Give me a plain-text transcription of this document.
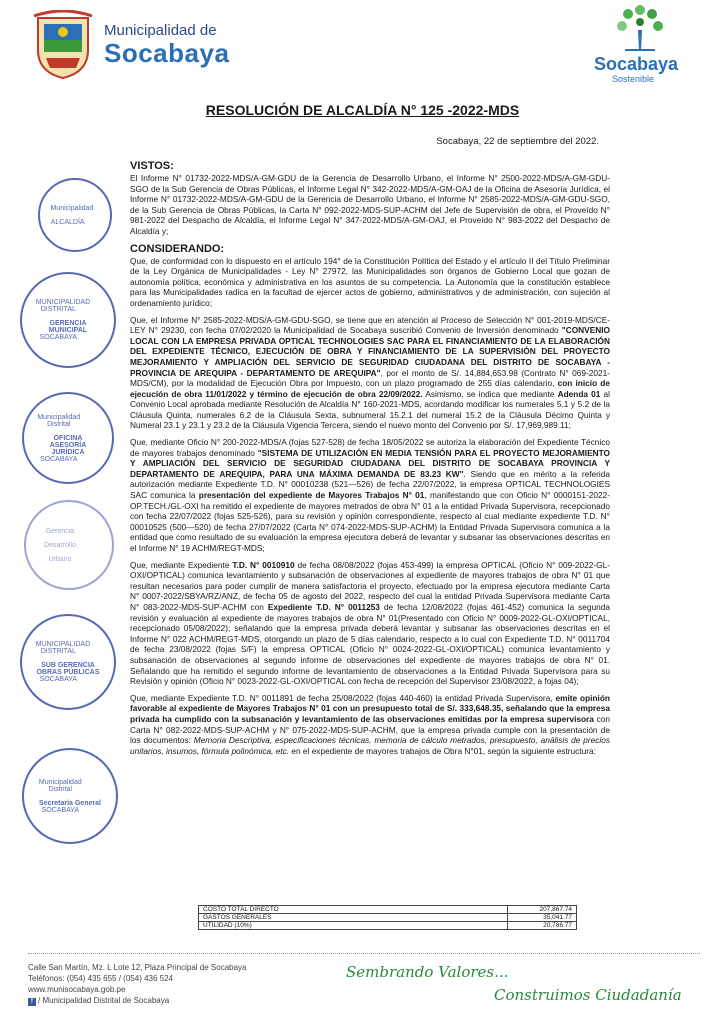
Municipalidad de
Socabaya	Socabaya
Sostenible
RESOLUCIÓN DE ALCALDÍA N° 125 -2022-MDS
Socabaya, 22 de septiembre del 2022.
Municipalidad

ALCALDÍA
MUNICIPALIDAD DISTRITAL

GERENCIA MUNICIPAL

SOCABAYA
Municipalidad Distrital

OFICINA ASESORÍA JURÍDICA

SOCABAYA
Gerencia

Desarrollo

Urbano
MUNICIPALIDAD DISTRITAL

SUB GERENCIA OBRAS PÚBLICAS

SOCABAYA
Municipalidad Distrital

Secretaría General

SOCABAYA
VISTOS:

El Informe N° 01732-2022-MDS/A-GM-GDU de la Gerencia de Desarrollo Urbano, el Informe N° 2500-2022-MDS/A-GM-GDU-SGO de la Sub Gerencia de Obras Públicas, el Informe Legal N° 342-2022-MDS/A-GM-OAJ de la Oficina de Asesoría Jurídica, el Informe N° 01732-2022-MDS/A-GM-GDU de la Gerencia de Desarrollo Urbano, el Informe N° 2585-2022-MDS/A-GM-GDU-SGO, de la Sub Gerencia de Obras Públicas, la Carta N° 092-2022-MDS-SUP-ACHM del Jefe de Supervisión de obra, el Proveído N° 981-2022 del Despacho de Alcaldía, el Informe Legal N° 347-2022-MDS/A-GM-OAJ, el Proveído N° 983-2022 del Despacho de Alcaldía y;

CONSIDERANDO:

Que, de conformidad con lo dispuesto en el artículo 194° de la Constitución Política del Estado y el artículo II del Título Preliminar de la Ley Orgánica de Municipalidades - Ley N° 27972, las Municipalidades son órganos de Gobierno Local que gozan de autonomía política, económica y administrativa en los asuntos de su competencia. La Autonomía que la constitución establece para las Municipalidades radica en la facultad de ejercer actos de gobierno, administrativos y de administración, con sujeción al ordenamiento jurídico;

Que, el Informe N° 2585-2022-MDS/A-GM-GDU-SGO, se tiene que en atención al Proceso de Selección N° 001-2019-MDS/CE-LEY N° 29230, con fecha 07/02/2020 la Municipalidad de Socabaya suscribió Convenio de Inversión denominado "CONVENIO LOCAL CON LA EMPRESA PRIVADA OPTICAL TECHNOLOGIES SAC PARA EL FINANCIAMIENTO DE LA ELABORACIÓN DEL EXPEDIENTE TÉCNICO, EJECUCIÓN DE OBRA Y FINANCIAMIENTO DE LA SUPERVISIÓN DEL PROYECTO MEJORAMIENTO Y AMPLIACIÓN DEL SERVICIO DE SEGURIDAD CIUDADANA DEL DISTRITO DE SOCABAYA - PROVINCIA DE AREQUIPA - DEPARTAMENTO DE AREQUIPA", por el monto de S/. 14,884,653.98 (Contrato N° 069-2021-MDS/CM), por la modalidad de Ejecución Obra por Impuesto, con un plazo programado de 255 días calendario, con inicio de ejecución de obra 11/01/2022 y término de ejecución de obra 22/09/2022. Asimismo, se indica que mediante Adenda 01 al Convenio Local aprobada mediante Resolución de Alcaldía N° 160-2021-MDS, acordando modificar los numerales 5.1 y 5.2 de la Cláusula Quinta, numerales 6.2 de la Cláusula Sexta, subnumeral 15.2.1 del numeral 15.2 de la Cláusula Décimo Quinta y Numeral 23.1 y 23.1 y 23.2 de la Cláusula Vigencia Tercera, siendo el nuevo monto del Convenio por S/. 17,969,989.11;

Que, mediante Oficio N° 200-2022-MDS/A (fojas 527-528) de fecha 18/05/2022 se autoriza la elaboración del Expediente Técnico de mayores trabajos denominado "SISTEMA DE UTILIZACIÓN EN MEDIA TENSIÓN PARA EL PROYECTO MEJORAMIENTO Y AMPLIACIÓN DEL SERVICIO DE SEGURIDAD CIUDADANA DEL DISTRITO DE SOCABAYA PROVINCIA Y DEPARTAMENTO DE AREQUIPA, PARA UNA MÁXIMA DEMANDA DE 83.23 KW". Siendo que en mérito a la referida autorización mediante Expediente T.D. N° 00010238 (521—526) de fecha 22/07/2022, la empresa OPTICAL TECHNOLOGIES SAC comunica la presentación del expediente de Mayores Trabajos N° 01, manifestando que con Oficio N° 0000151-2022-OP.TECH./GL-OXI ha remitido el expediente de mayores metrados de obra N° 01 a la entidad Privada Supervisora, recepcionado con fecha 22/07/2022 (fojas 525-526), para su revisión y opinión correspondiente, respecto al cual mediante expediente T.D. N° 00010525 (500—520) de fecha 27/07/2022 (Carta N° 074-2022-MDS-SUP-ACHM) la Entidad Privada Supervisora comunica a la entidad que como resultado de su evaluación la empresa ejecutora deberá de levantar y subsanar las observaciones descritas en el Informe N° 19 ACHM/REGT-MDS;

Que, mediante Expediente T.D. N° 0010910 de fecha 08/08/2022 (fojas 453-499) la empresa OPTICAL (Oficio N° 009-2022-GL-OXI/OPTICAL) comunica levantamiento y subsanación de observaciones al expediente de mayores trabajos de obra N° 01 que resultan necesarios para poder cumplir de manera satisfactoria el proyecto, efectuado por la empresa ejecutora mediante Carta N° 0007-2022/SBYA/RZ/ANZ, de fecha 05 de agosto del 2022, respecto del cual la entidad Privada Supervisora mediante Carta N° 083-2022-MDS-SUP-ACHM con Expediente T.D. N° 0011253 de fecha 12/08/2022 (fojas 461-452) comunica la segunda revisión y evaluación al expediente de mayores trabajos de obra N° 01(Presentado con Oficio N° 0009-2022-GL-OXI/OPTICAL, recepcionado 05/08/2022); señalando que la empresa privada deberá levantar y subsanar las observaciones descritas en el Informe N° 022 ACHM/REGT-MDS, otorgando un plazo de 5 días calendario, respecto a lo cual con Expediente T.D. N° 0011704 de fecha 23/08/2022 (fojas S/F) la empresa OPTICAL (Oficio N° 0024-2022-GL-OXI/OPTICAL) comunica levantamiento y subsanación de observaciones al segundo informe de observaciones del expediente de mayores trabajos de obra N° 01. Señalando que ha remitido el segundo informe de levantamiento de observaciones a la Entidad Privada Supervisora para su Revisión y opinión (Oficio N° 0023-2022-GL-OXI/OPTICAL con fecha de recepción del Supervisor 23/08/2022, a fojas 04);

Que, mediante Expediente T.D. N° 0011891 de fecha 25/08/2022 (fojas 440-460) la entidad Privada Supervisora, emite opinión favorable al expediente de Mayores Trabajos N° 01 con un presupuesto total de S/. 333,648.35, señalando que la empresa privada ha cumplido con la subsanación y levantamiento de las observaciones emitidas por la empresa supervisora con Carta N° 082-2022-MDS-SUP-ACHM y N° 075-2022-MDS-SUP-ACHM, que la empresa privada cumple con la presentación de los documentos: Memoria Descriptiva, especificaciones técnicas, memoria de cálculo metrados, presupuesto, análisis de precios unitarios, insumos, fórmula polinómica, etc. en el expediente de mayores trabajos de Obra N°01, según la siguiente estructura:

COSTO TOTAL DIRECTO	207,867.74
GASTOS GENERALES	35,041.77
UTILIDAD (10%)	20,786.77
Calle San Martín, Mz. L Lote 12, Plaza Principal de Socabaya
Teléfonos: (054) 435 655 / (054) 436 524
www.munisocabaya.gob.pe
f / Municipalidad Distrital de Socabaya
Sembrando Valores...
Construimos Ciudadanía
